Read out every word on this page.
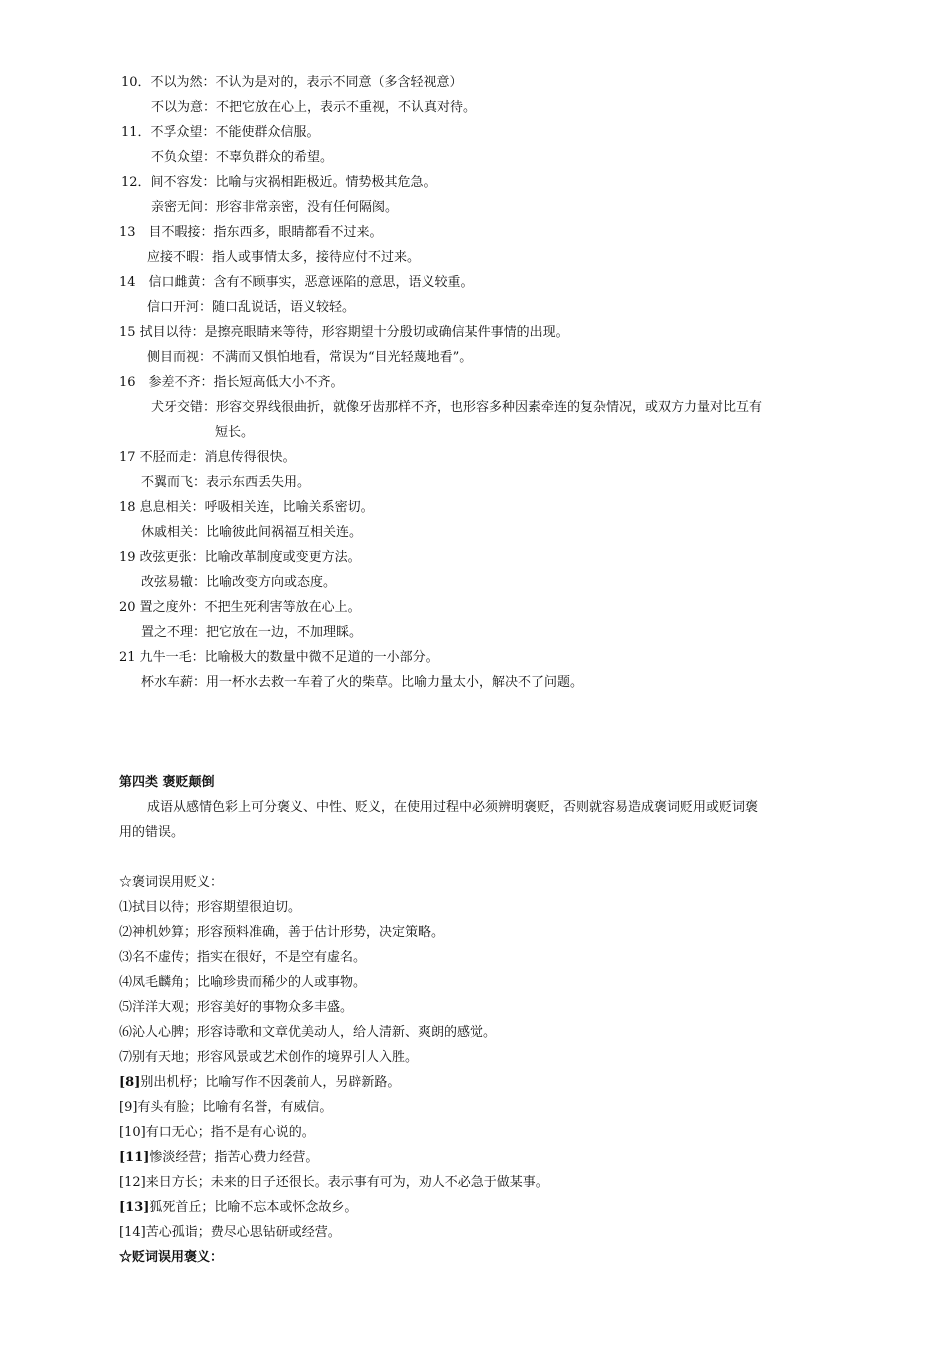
10．不以为然：不认为是对的，表示不同意（多含轻视意）
不以为意：不把它放在心上，表示不重视，不认真对待。
11．不孚众望：不能使群众信服。
不负众望：不辜负群众的希望。
12．间不容发：比喻与灾祸相距极近。情势极其危急。
亲密无间：形容非常亲密，没有任何隔阂。
13　目不暇接：指东西多，眼睛都看不过来。
应接不暇：指人或事情太多，接待应付不过来。
14　信口雌黄：含有不顾事实，恶意诬陷的意思，语义较重。
信口开河：随口乱说话，语义较轻。
15 拭目以待：是擦亮眼睛来等待，形容期望十分殷切或确信某件事情的出现。
侧目而视：不满而又惧怕地看，常误为“目光轻蔑地看”。
16　参差不齐：指长短高低大小不齐。
犬牙交错：形容交界线很曲折，就像牙齿那样不齐，也形容多种因素牵连的复杂情况，或双方力量对比互有
短长。
17 不胫而走：消息传得很快。
不翼而飞：表示东西丢失用。
18 息息相关：呼吸相关连，比喻关系密切。
休戚相关：比喻彼此间祸福互相关连。
19 改弦更张：比喻改革制度或变更方法。
改弦易辙：比喻改变方向或态度。
20 置之度外：不把生死利害等放在心上。
置之不理：把它放在一边，不加理睬。
21 九牛一毛：比喻极大的数量中微不足道的一小部分。
杯水车薪：用一杯水去救一车着了火的柴草。比喻力量太小，解决不了问题。
第四类 褒贬颠倒
成语从感情色彩上可分褒义、中性、贬义，在使用过程中必须辨明褒贬，否则就容易造成褒词贬用或贬词褒
用的错误。
☆褒词误用贬义：
⑴拭目以待；形容期望很迫切。
⑵神机妙算；形容预料准确，善于估计形势，决定策略。
⑶名不虚传；指实在很好，不是空有虚名。
⑷凤毛麟角；比喻珍贵而稀少的人或事物。
⑸洋洋大观；形容美好的事物众多丰盛。
⑹沁人心脾；形容诗歌和文章优美动人，给人清新、爽朗的感觉。
⑺别有天地；形容风景或艺术创作的境界引人入胜。
[8]别出机杼；比喻写作不因袭前人，另辟新路。
[9]有头有脸；比喻有名誉，有威信。
[10]有口无心；指不是有心说的。
[11]惨淡经营；指苦心费力经营。
[12]来日方长；未来的日子还很长。表示事有可为，劝人不必急于做某事。
[13]狐死首丘；比喻不忘本或怀念故乡。
[14]苦心孤诣；费尽心思钻研或经营。
☆贬词误用褒义：
